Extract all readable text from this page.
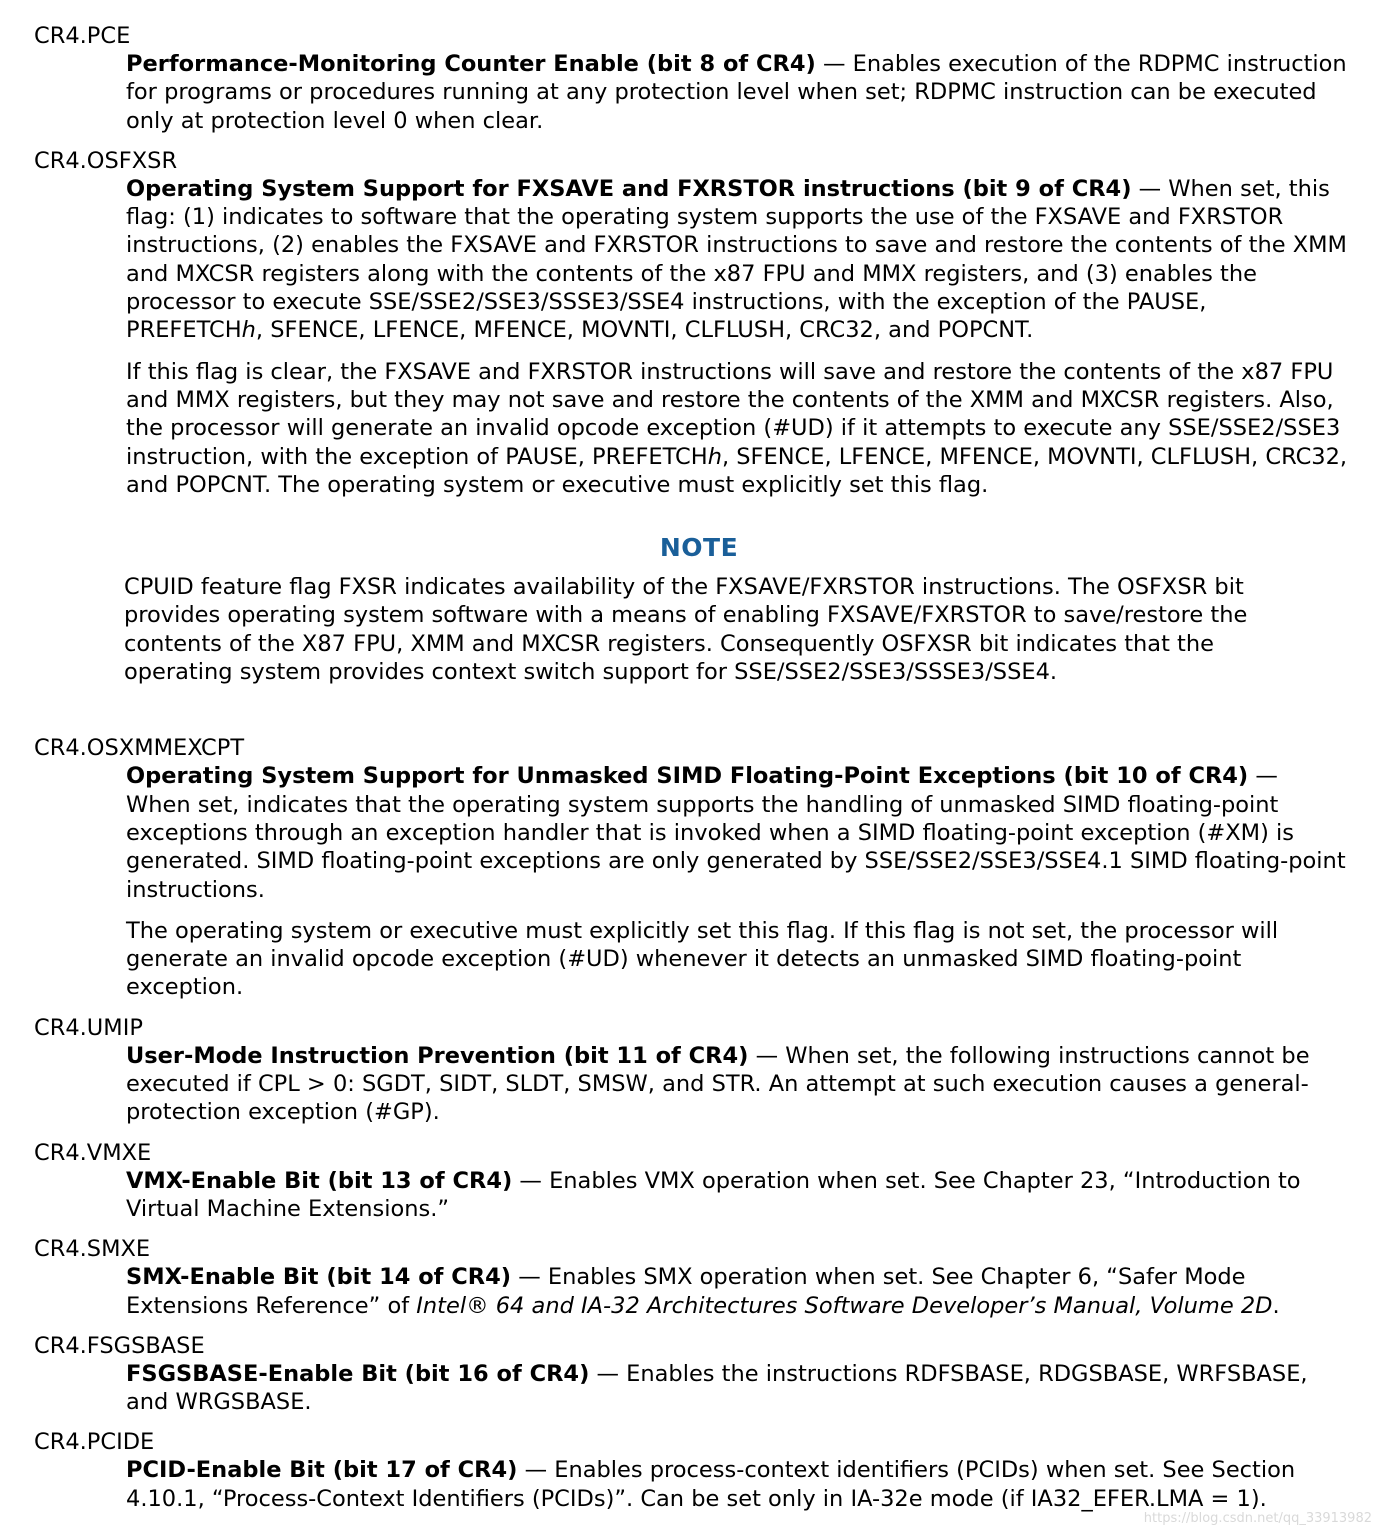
CR4.PCE

Performance-Monitoring Counter Enable (bit 8 of CR4) — Enables execution of the RDPMC instruction for programs or procedures running at any protection level when set; RDPMC instruction can be executed only at protection level 0 when clear.

CR4.OSFXSR

Operating System Support for FXSAVE and FXRSTOR instructions (bit 9 of CR4) — When set, this flag: (1) indicates to software that the operating system supports the use of the FXSAVE and FXRSTOR instructions, (2) enables the FXSAVE and FXRSTOR instructions to save and restore the contents of the XMM and MXCSR registers along with the contents of the x87 FPU and MMX registers, and (3) enables the processor to execute SSE/SSE2/SSE3/SSSE3/SSE4 instructions, with the exception of the PAUSE, PREFETCHh, SFENCE, LFENCE, MFENCE, MOVNTI, CLFLUSH, CRC32, and POPCNT.

If this flag is clear, the FXSAVE and FXRSTOR instructions will save and restore the contents of the x87 FPU and MMX registers, but they may not save and restore the contents of the XMM and MXCSR registers. Also, the processor will generate an invalid opcode exception (#UD) if it attempts to execute any SSE/SSE2/SSE3 instruction, with the exception of PAUSE, PREFETCHh, SFENCE, LFENCE, MFENCE, MOVNTI, CLFLUSH, CRC32, and POPCNT. The operating system or executive must explicitly set this flag.

NOTE

CPUID feature flag FXSR indicates availability of the FXSAVE/FXRSTOR instructions. The OSFXSR bit provides operating system software with a means of enabling FXSAVE/FXRSTOR to save/restore the contents of the X87 FPU, XMM and MXCSR registers. Consequently OSFXSR bit indicates that the operating system provides context switch support for SSE/SSE2/SSE3/SSSE3/SSE4.

CR4.OSXMMEXCPT

Operating System Support for Unmasked SIMD Floating-Point Exceptions (bit 10 of CR4) — When set, indicates that the operating system supports the handling of unmasked SIMD floating-point exceptions through an exception handler that is invoked when a SIMD floating-point exception (#XM) is generated. SIMD floating-point exceptions are only generated by SSE/SSE2/SSE3/SSE4.1 SIMD floating-point instructions.

The operating system or executive must explicitly set this flag. If this flag is not set, the processor will generate an invalid opcode exception (#UD) whenever it detects an unmasked SIMD floating-point exception.

CR4.UMIP

User-Mode Instruction Prevention (bit 11 of CR4) — When set, the following instructions cannot be executed if CPL > 0: SGDT, SIDT, SLDT, SMSW, and STR. An attempt at such execution causes a general-protection exception (#GP).

CR4.VMXE

VMX-Enable Bit (bit 13 of CR4) — Enables VMX operation when set. See Chapter 23, “Introduction to Virtual Machine Extensions.”

CR4.SMXE

SMX-Enable Bit (bit 14 of CR4) — Enables SMX operation when set. See Chapter 6, “Safer Mode Extensions Reference” of Intel® 64 and IA-32 Architectures Software Developer’s Manual, Volume 2D.

CR4.FSGSBASE

FSGSBASE-Enable Bit (bit 16 of CR4) — Enables the instructions RDFSBASE, RDGSBASE, WRFSBASE, and WRGSBASE.

CR4.PCIDE

PCID-Enable Bit (bit 17 of CR4) — Enables process-context identifiers (PCIDs) when set. See Section 4.10.1, “Process-Context Identifiers (PCIDs)”. Can be set only in IA-32e mode (if IA32_EFER.LMA = 1).

https://blog.csdn.net/qq_33913982
